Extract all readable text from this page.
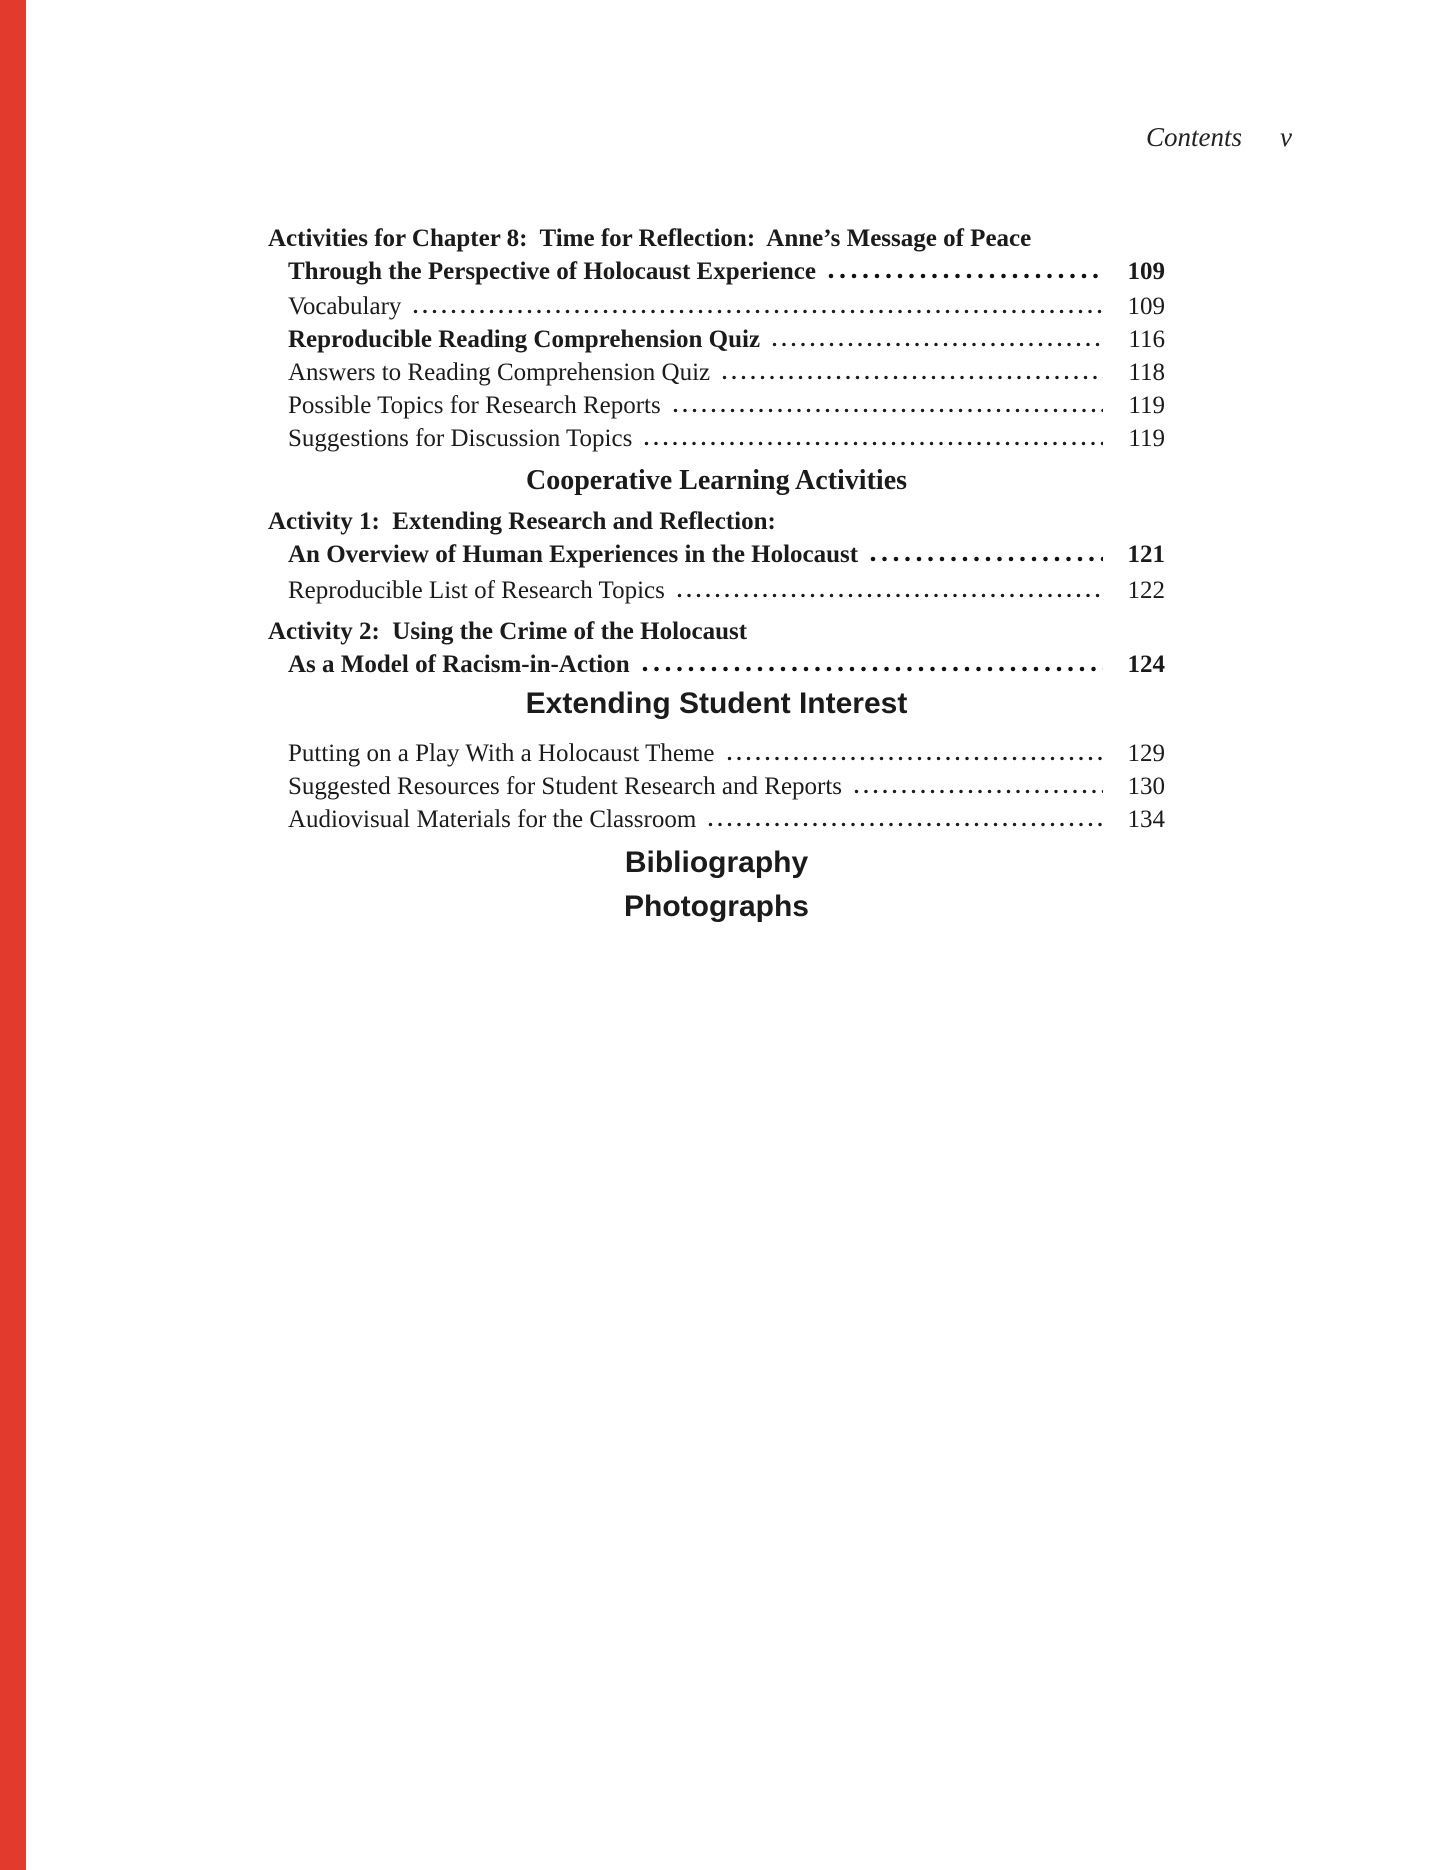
Contents v
Activities for Chapter 8:  Time for Reflection:  Anne’s Message of Peace
Through the Perspective of Holocaust Experience	109
Vocabulary	109
Reproducible Reading Comprehension Quiz	116
Answers to Reading Comprehension Quiz	118
Possible Topics for Research Reports	119
Suggestions for Discussion Topics	119
Cooperative Learning Activities
Activity 1:  Extending Research and Reflection:
An Overview of Human Experiences in the Holocaust	121
Reproducible List of Research Topics	122
Activity 2:  Using the Crime of the Holocaust
As a Model of Racism-in-Action	124
Extending Student Interest
Putting on a Play With a Holocaust Theme	129
Suggested Resources for Student Research and Reports	130
Audiovisual Materials for the Classroom	134
Bibliography
Photographs
